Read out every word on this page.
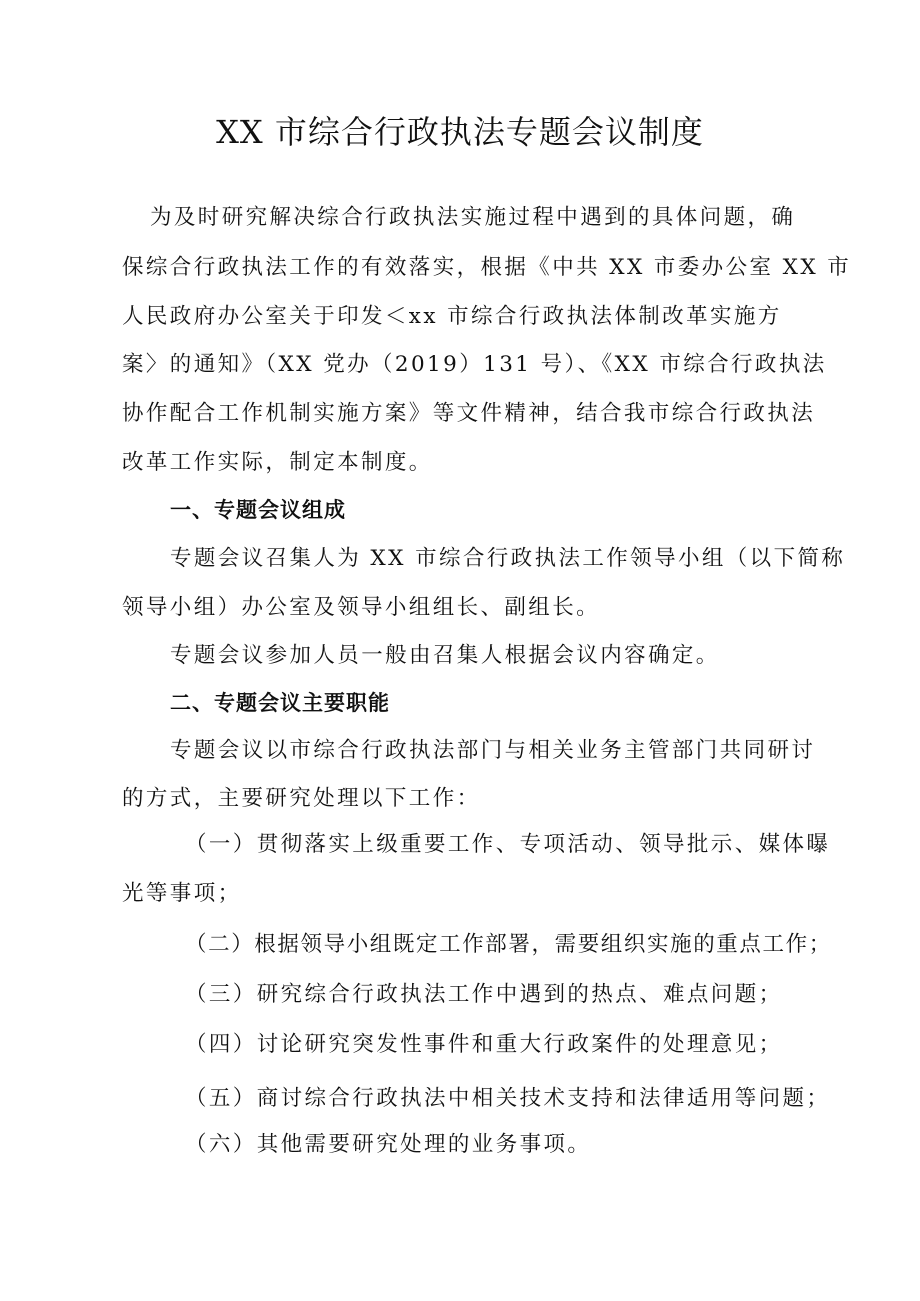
XX 市综合行政执法专题会议制度

为及时研究解决综合行政执法实施过程中遇到的具体问题，确

保综合行政执法工作的有效落实，根据《中共 XX 市委办公室 XX 市

人民政府办公室关于印发＜xx 市综合行政执法体制改革实施方

案〉的通知》（XX 党办（2019）131 号）、《XX 市综合行政执法

协作配合工作机制实施方案》等文件精神，结合我市综合行政执法

改革工作实际，制定本制度。

一、专题会议组成

专题会议召集人为 XX 市综合行政执法工作领导小组（以下简称

领导小组）办公室及领导小组组长、副组长。

专题会议参加人员一般由召集人根据会议内容确定。

二、专题会议主要职能

专题会议以市综合行政执法部门与相关业务主管部门共同研讨

的方式，主要研究处理以下工作：

（一）贯彻落实上级重要工作、专项活动、领导批示、媒体曝

光等事项；

（二）根据领导小组既定工作部署，需要组织实施的重点工作；

（三）研究综合行政执法工作中遇到的热点、难点问题；

（四）讨论研究突发性事件和重大行政案件的处理意见；

（五）商讨综合行政执法中相关技术支持和法律适用等问题；

（六）其他需要研究处理的业务事项。
